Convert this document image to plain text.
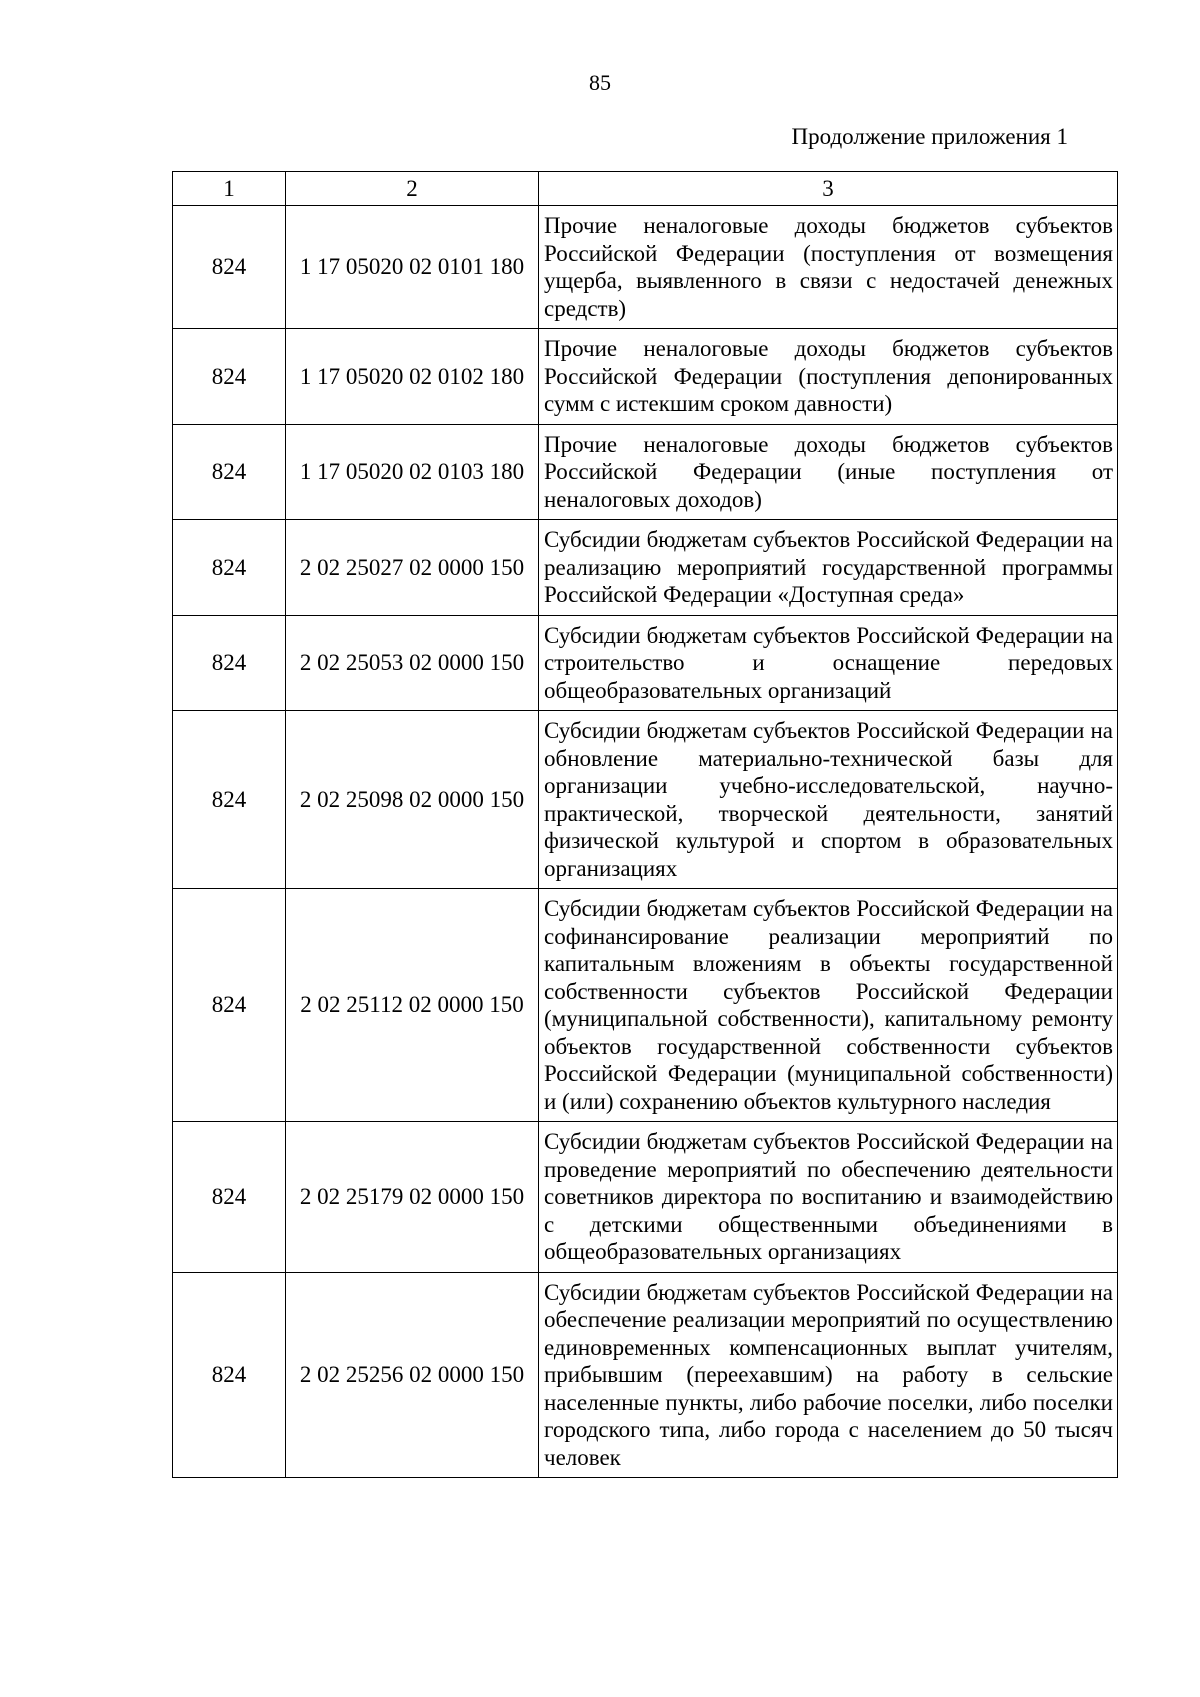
85
Продолжение приложения 1
1	2	3
824	1 17 05020 02 0101 180	Прочие неналоговые доходы бюджетов субъектов Российской Федерации (поступления от возмещения ущерба, выявленного в связи с недостачей денежных средств)
824	1 17 05020 02 0102 180	Прочие неналоговые доходы бюджетов субъектов Российской Федерации (поступления депонированных сумм с истекшим сроком давности)
824	1 17 05020 02 0103 180	Прочие неналоговые доходы бюджетов субъектов Российской Федерации (иные поступления от неналоговых доходов)
824	2 02 25027 02 0000 150	Субсидии бюджетам субъектов Российской Федерации на реализацию мероприятий государственной программы Российской Федерации «Доступная среда»
824	2 02 25053 02 0000 150	Субсидии бюджетам субъектов Российской Федерации на строительство и оснащение передовых общеобразовательных организаций
824	2 02 25098 02 0000 150	Субсидии бюджетам субъектов Российской Федерации на обновление материально-технической базы для организации учебно-исследовательской, научно-практической, творческой деятельности, занятий физической культурой и спортом в образовательных организациях
824	2 02 25112 02 0000 150	Субсидии бюджетам субъектов Российской Федерации на софинансирование реализации мероприятий по капитальным вложениям в объекты государственной собственности субъектов Российской Федерации (муниципальной собственности), капитальному ремонту объектов государственной собственности субъектов Российской Федерации (муниципальной собственности) и (или) сохранению объектов культурного наследия
824	2 02 25179 02 0000 150	Субсидии бюджетам субъектов Российской Федерации на проведение мероприятий по обеспечению деятельности советников директора по воспитанию и взаимодействию с детскими общественными объединениями в общеобразовательных организациях
824	2 02 25256 02 0000 150	Субсидии бюджетам субъектов Российской Федерации на обеспечение реализации мероприятий по осуществлению единовременных компенсационных выплат учителям, прибывшим (переехавшим) на работу в сельские населенные пункты, либо рабочие поселки, либо поселки городского типа, либо города с населением до 50 тысяч человек
